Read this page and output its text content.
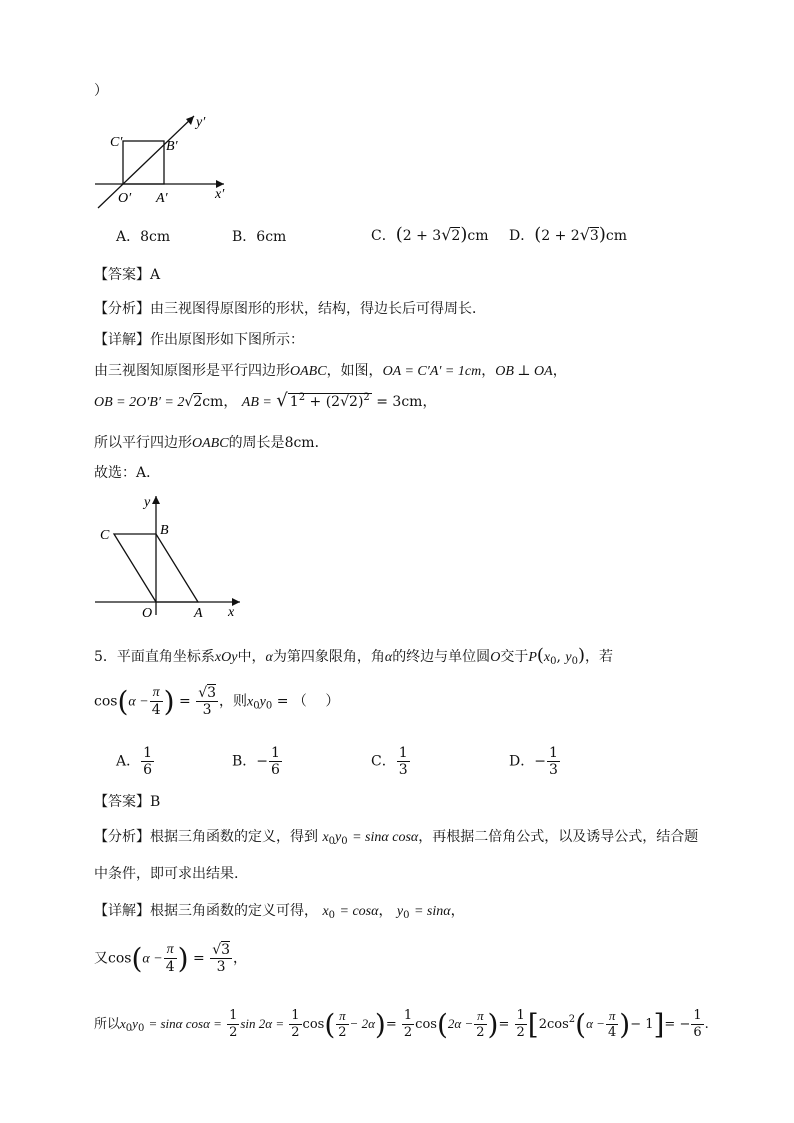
）
C′	B′
y′
O′ A′	x′
A．8cm	B．6cm	C．(2 + 3√2)cm D．(2 + 2√3)cm
【答案】A
【分析】由三视图得原图形的形状，结构，得边长后可得周长．
【详解】作出原图形如下图所示：
由三视图知原图形是平行四边形OABC，如图，OA = C′A′ = 1cm，OB ⊥ OA，
OB = 2O′B′ = 2√2cm， AB = √ $1^2 + (2√2)^2 = 3cm$，
所以平行四边形OABC的周长是8cm．
故选：A．
y
C	B
O	A x
5．平面直角坐标系xOy中，α为第四象限角，角α的终边与单位圆O交于$P(x_0$, $y_0$)，若
$\cos(\alpha - \frac{\pi}{4}$ ) = $\frac{√3}{3}$ ，则$x_0y_0$ = （　 ）
A． $\frac{1}{6}$	B．− $\frac{1}{6}$	C． $\frac{1}{3}$	D．− $\frac{1}{3}$
【答案】B
【分析】根据三角函数的定义，得到 $x_0y_0 = \sin\alpha$ cosα，再根据二倍角公式，以及诱导公式，结合题
中条件，即可求出结果.
【详解】根据三角函数的定义可得， $x_0 = \cos\alpha$， $y_0 = \sin\alpha$，
又$\cos(\alpha - \frac{\pi}{4}$ ) = $\frac{√3}{3}$ ，
所以$x_0y_0 = \sin\alpha$ $\cos\alpha = \frac{1}{2}$ $\sin 2\alpha = \frac{1}{2} \cos( \frac{\pi}{2} - 2\alpha)= \frac{1}{2} \cos(2\alpha - \frac{\pi}{2}$ )= $\frac{1}{2} [2\cos^2(\alpha - \frac{\pi}{4}$ )− $1]= - \frac{1}{6}$ .
